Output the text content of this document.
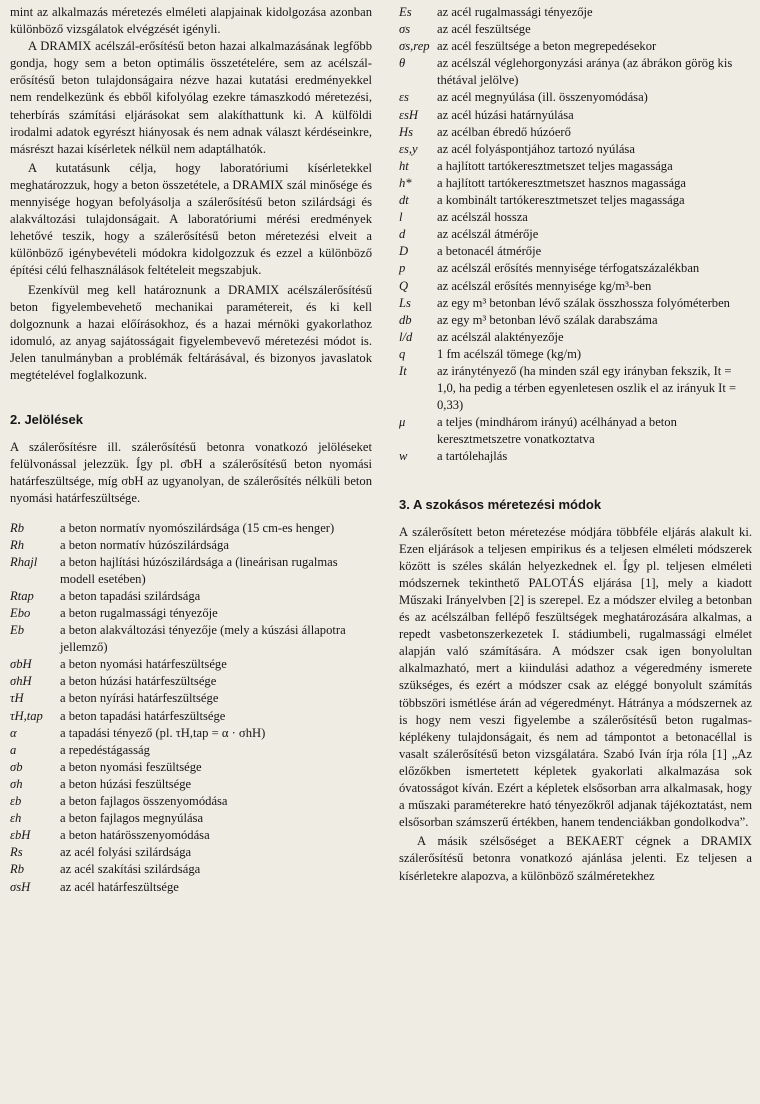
mint az alkalmazás méretezés elméleti alapjainak kidolgozása azonban különböző vizsgálatok elvégzését igényli.

A DRAMIX acélszál-erősítésű beton hazai alkalmazásának legfőbb gondja, hogy sem a beton optimális összetételére, sem az acélszál-erősítésű beton tulajdonságaira nézve hazai kutatási eredményekkel nem rendelkezünk és ebből kifolyólag ezekre támaszkodó méretezési, teherbírás számítási eljárásokat sem alakíthattunk ki. A külföldi irodalmi adatok egyrészt hiányosak és nem adnak választ kérdéseinkre, másrészt hazai kísérletek nélkül nem adaptálhatók.

A kutatásunk célja, hogy laboratóriumi kísérletekkel meghatározzuk, hogy a beton összetétele, a DRAMIX szál minősége és mennyisége hogyan befolyásolja a szálerősítésű beton szilárdsági és alakváltozási tulajdonságait. A laboratóriumi mérési eredmények lehetővé teszik, hogy a szálerősítésű beton méretezési elveit a különböző igénybevételi módokra kidolgozzuk és ezzel a különböző építési célú felhasználások feltételeit megszabjuk.

Ezenkívül meg kell határoznunk a DRAMIX acélszálerősítésű beton figyelembevehető mechanikai paramétereit, és ki kell dolgoznunk a hazai előírásokhoz, és a hazai mérnöki gyakorlathoz idomuló, az anyag sajátosságait figyelembevevő méretezési módot is. Jelen tanulmányban a problémák feltárásával, és bizonyos javaslatok megtételével foglalkozunk.

2. Jelölések

A szálerősítésre ill. szálerősítésű betonra vonatkozó jelöléseket felülvonással jelezzük. Így pl. σ̄bH a szálerősítésű beton nyomási határfeszültsége, míg σbH az ugyanolyan, de szálerősítés nélküli beton nyomási határfeszültsége.

Rb	a beton normatív nyomószilárdsága (15 cm-es henger)
Rh	a beton normatív húzószilárdsága
Rhajl	a beton hajlítási húzószilárdsága a (lineárisan rugalmas modell esetében)
Rtap	a beton tapadási szilárdsága
Ebo	a beton rugalmassági tényezője
Eb	a beton alakváltozási tényezője (mely a kúszási állapotra jellemző)
σbH	a beton nyomási határfeszültsége
σhH	a beton húzási határfeszültsége
τH	a beton nyírási határfeszültsége
τH,tap	a beton tapadási határfeszültsége
α	a tapadási tényező (pl. τH,tap = α · σhH)
a	a repedéstágasság
σb	a beton nyomási feszültsége
σh	a beton húzási feszültsége
εb	a beton fajlagos összenyomódása
εh	a beton fajlagos megnyúlása
εbH	a beton határösszenyomódása
Rs	az acél folyási szilárdsága
Rb	az acél szakítási szilárdsága
σsH	az acél határfeszültsége
Es	az acél rugalmassági tényezője
σs	az acél feszültsége
σs,rep az acél feszültsége a beton megrepedésekor
θ	az acélszál véglehorgonyzási aránya (az ábrákon görög kis thétával jelölve)
εs	az acél megnyúlása (ill. összenyomódása)
εsH	az acél húzási határnyúlása
Hs	az acélban ébredő húzóerő
εs,y	az acél folyáspontjához tartozó nyúlása
ht	a hajlított tartókeresztmetszet teljes magassága
h*	a hajlított tartókeresztmetszet hasznos magassága
dt	a kombinált tartókeresztmetszet teljes magassága
l	az acélszál hossza
d	az acélszál átmérője
D	a betonacél átmérője
p	az acélszál erősítés mennyisége térfogatszázalékban
Q	az acélszál erősítés mennyisége kg/m³-ben
Ls	az egy m³ betonban lévő szálak összhossza folyóméterben
db	az egy m³ betonban lévő szálak darabszáma
l/d	az acélszál alaktényezője
q	1 fm acélszál tömege (kg/m)
It	az iránytényező (ha minden szál egy irányban fekszik, It = 1,0, ha pedig a térben egyenletesen oszlik el az irányuk It = 0,33)
μ	a teljes (mindhárom irányú) acélhányad a beton keresztmetszetre vonatkoztatva
w	a tartólehajlás
3. A szokásos méretezési módok

A szálerősített beton méretezése módjára többféle eljárás alakult ki. Ezen eljárások a teljesen empirikus és a teljesen elméleti módszerek között is széles skálán helyezkednek el. Így pl. teljesen elméleti módszernek tekinthető PALOTÁS eljárása [1], mely a kiadott Műszaki Irányelvben [2] is szerepel. Ez a módszer elvileg a betonban és az acélszálban fellépő feszültségek meghatározására alkalmas, a repedt vasbetonszerkezetek I. stádiumbeli, rugalmassági elmélet alapján való számítására. A módszer csak igen bonyolultan alkalmazható, mert a kiindulási adathoz a végeredmény ismerete szükséges, és ezért a módszer csak az eléggé bonyolult számítás többszöri ismétlése árán ad végeredményt. Hátránya a módszernek az is hogy nem veszi figyelembe a szálerősítésű beton rugalmas-képlékeny tulajdonságait, és nem ad támpontot a betonacéllal is vasalt szálerősítésű beton vizsgálatára. Szabó Iván írja róla [1] „Az előzőkben ismertetett képletek gyakorlati alkalmazása sok óvatosságot kíván. Ezért a képletek elsősorban arra alkalmasak, hogy a műszaki paraméterekre ható tényezőkről adjanak tájékoztatást, nem elsősorban számszerű értékben, hanem tendenciákban gondolkodva”.

A másik szélsőséget a BEKAERT cégnek a DRAMIX szálerősítésű betonra vonatkozó ajánlása jelenti. Ez teljesen a kísérletekre alapozva, a különböző szálméretekhez
